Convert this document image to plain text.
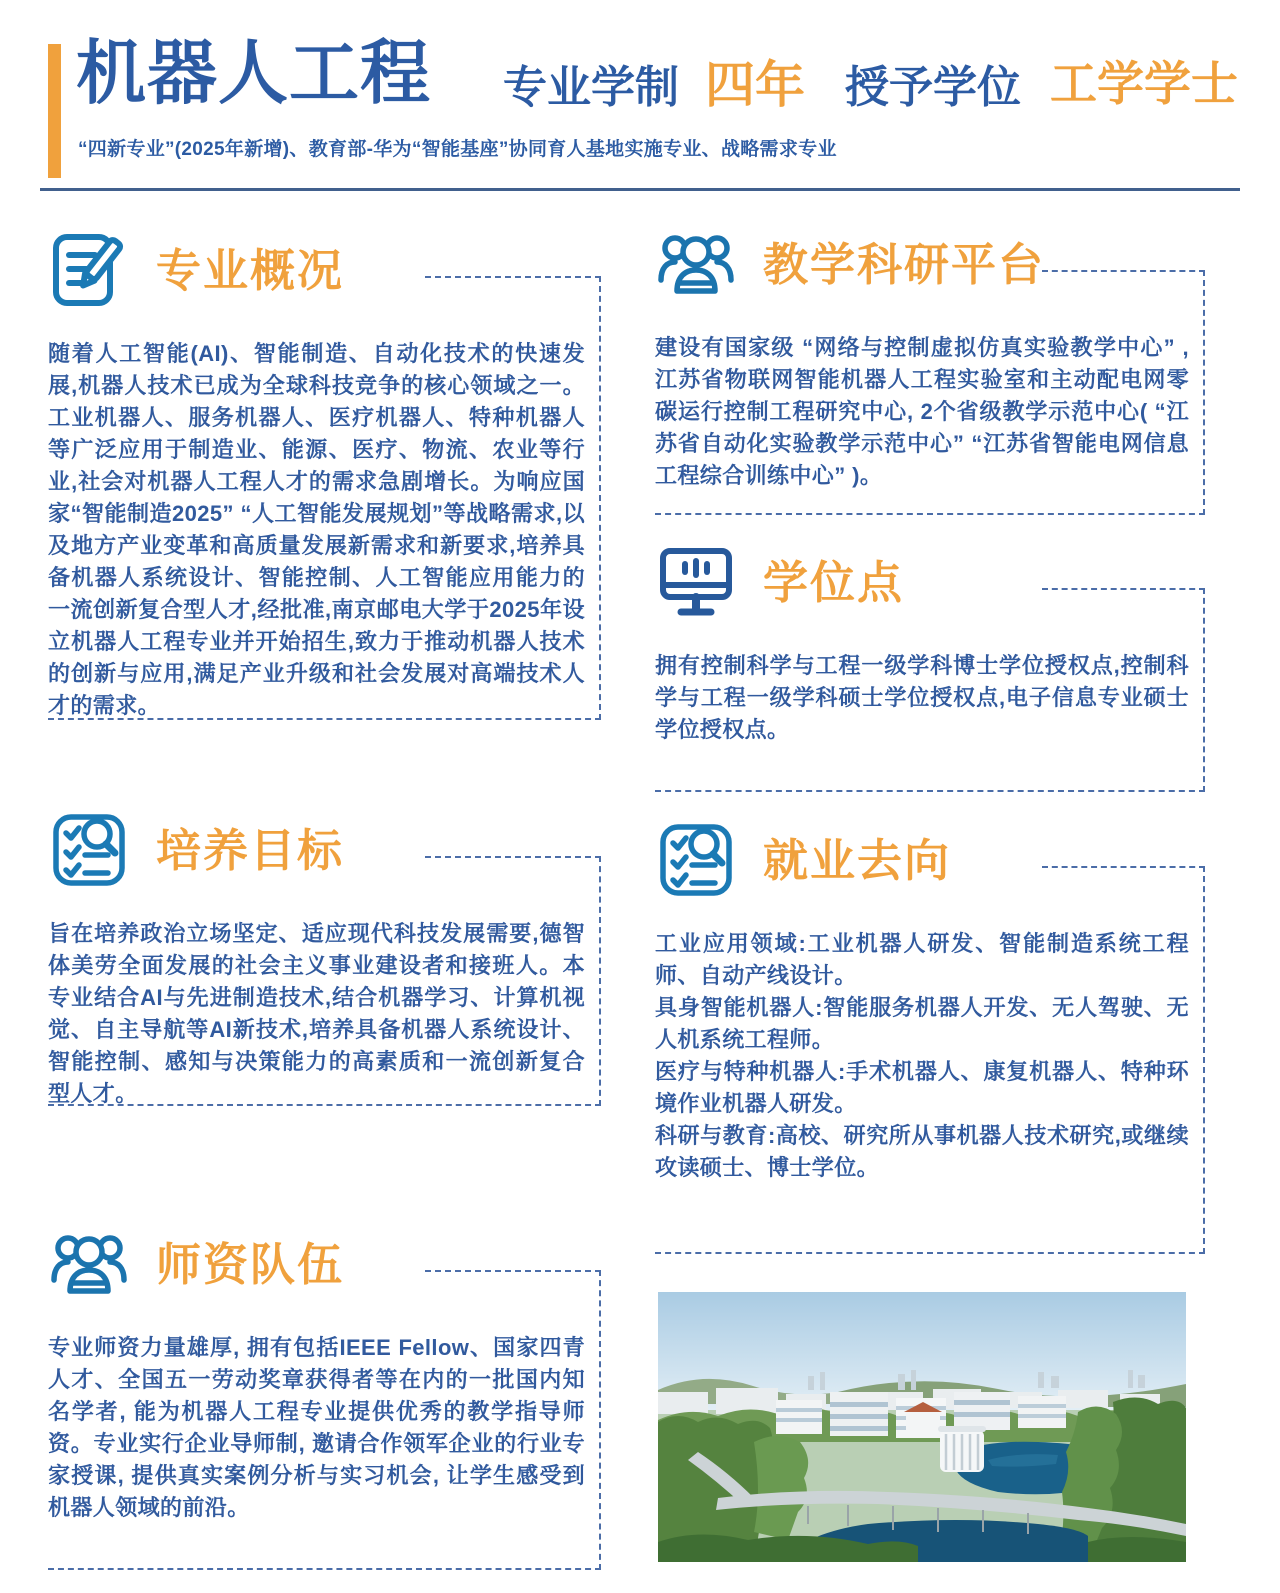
机器人工程 专业学制 四年 授予学位 工学学士
“四新专业”(2025年新增)、教育部-华为“智能基座”协同育人基地实施专业、战略需求专业
专业概况

随着人工智能(AI)、智能制造、自动化技术的快速发展,机器人技术已成为全球科技竞争的核心领域之一。工业机器人、服务机器人、医疗机器人、特种机器人等广泛应用于制造业、能源、医疗、物流、农业等行业,社会对机器人工程人才的需求急剧增长。为响应国家“智能制造2025” “人工智能发展规划”等战略需求,以及地方产业变革和高质量发展新需求和新要求,培养具备机器人系统设计、智能控制、人工智能应用能力的一流创新复合型人才,经批准,南京邮电大学于2025年设立机器人工程专业并开始招生,致力于推动机器人技术的创新与应用,满足产业升级和社会发展对高端技术人才的需求。

培养目标

旨在培养政治立场坚定、适应现代科技发展需要,德智体美劳全面发展的社会主义事业建设者和接班人。本专业结合AI与先进制造技术,结合机器学习、计算机视觉、自主导航等AI新技术,培养具备机器人系统设计、智能控制、感知与决策能力的高素质和一流创新复合型人才。

师资队伍

专业师资力量雄厚, 拥有包括IEEE Fellow、国家四青人才、全国五一劳动奖章获得者等在内的一批国内知名学者, 能为机器人工程专业提供优秀的教学指导师资。专业实行企业导师制, 邀请合作领军企业的行业专家授课, 提供真实案例分析与实习机会, 让学生感受到机器人领域的前沿。

教学科研平台

建设有国家级 “网络与控制虚拟仿真实验教学中心” ,江苏省物联网智能机器人工程实验室和主动配电网零碳运行控制工程研究中心, 2个省级教学示范中心( “江苏省自动化实验教学示范中心” “江苏省智能电网信息工程综合训练中心” )。

学位点

拥有控制科学与工程一级学科博士学位授权点,控制科学与工程一级学科硕士学位授权点,电子信息专业硕士学位授权点。

就业去向

工业应用领域:工业机器人研发、智能制造系统工程师、自动产线设计。

具身智能机器人:智能服务机器人开发、无人驾驶、无人机系统工程师。

医疗与特种机器人:手术机器人、康复机器人、特种环境作业机器人研发。

科研与教育:高校、研究所从事机器人技术研究,或继续攻读硕士、博士学位。
